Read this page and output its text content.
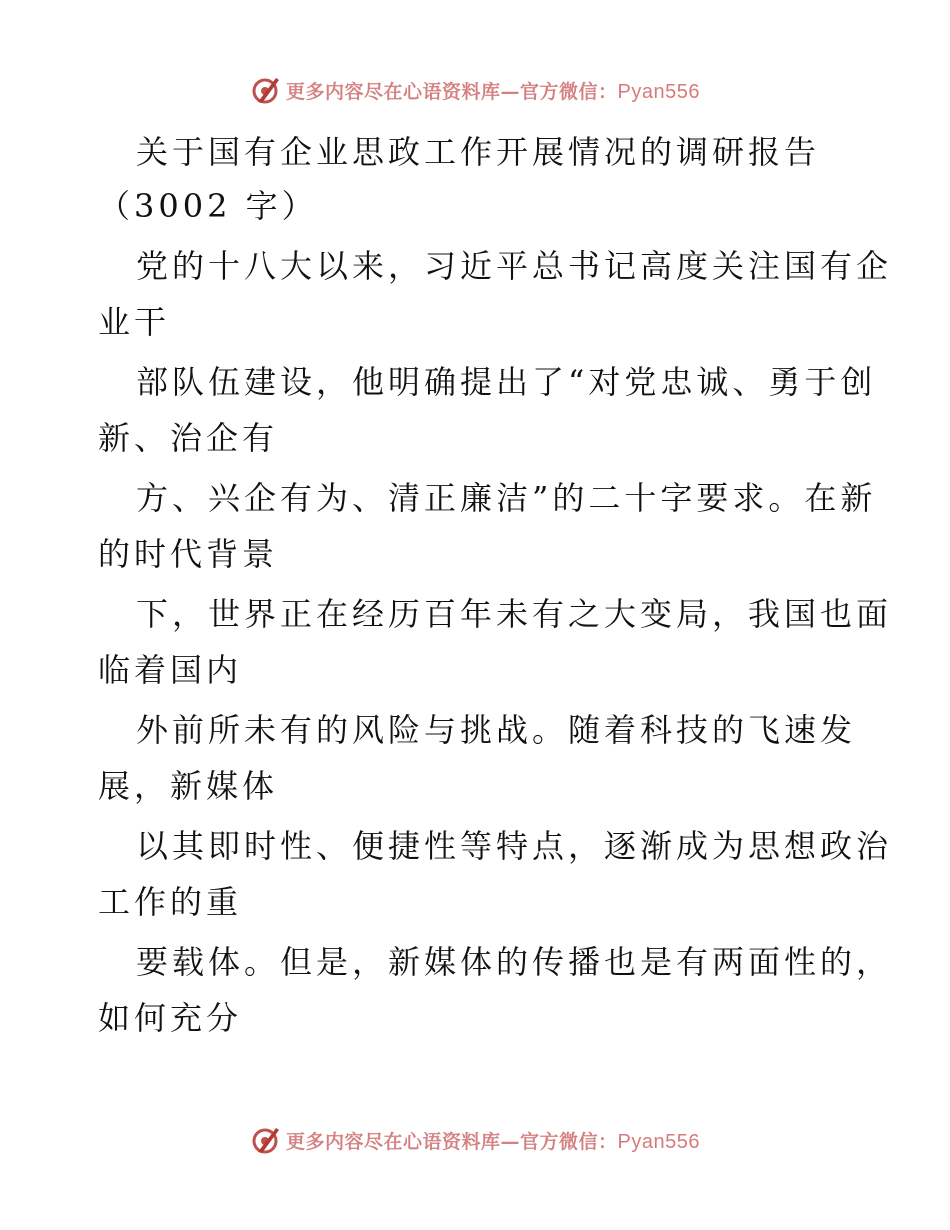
更多内容尽在心语资料库—官方微信：Pyan556
关于国有企业思政工作开展情况的调研报告
（3002 字）
党的十八大以来，习近平总书记高度关注国有企
业干
部队伍建设，他明确提出了“对党忠诚、勇于创
新、治企有
方、兴企有为、清正廉洁”的二十字要求。在新
的时代背景
下，世界正在经历百年未有之大变局，我国也面
临着国内
外前所未有的风险与挑战。随着科技的飞速发
展，新媒体
以其即时性、便捷性等特点，逐渐成为思想政治
工作的重
要载体。但是，新媒体的传播也是有两面性的，
如何充分
更多内容尽在心语资料库—官方微信：Pyan556
